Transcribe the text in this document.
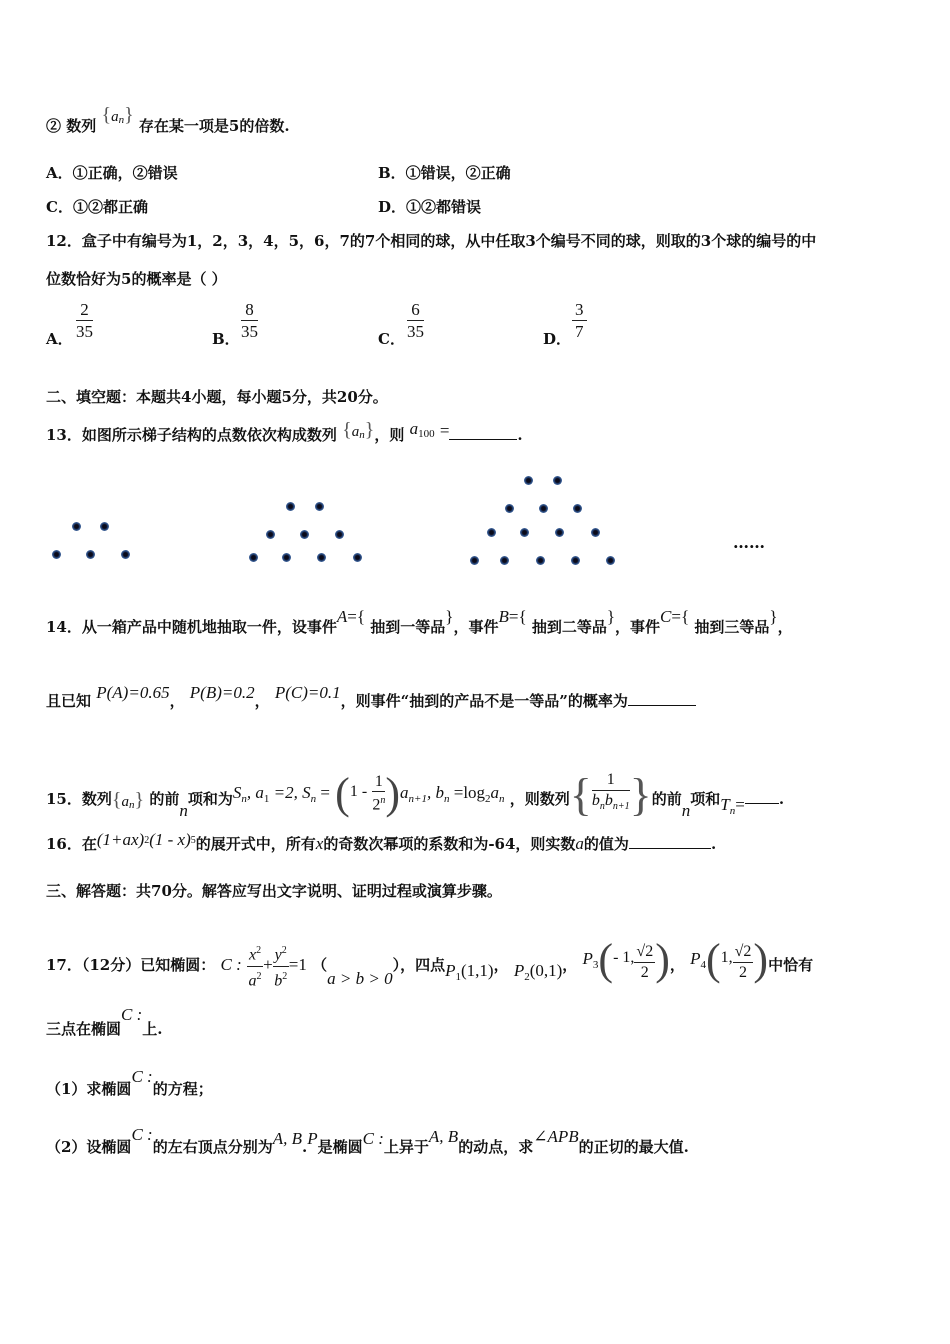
② 数列 $\{a^n\}$ 存在某一项是5的倍数.
A．①正确，②错误	B．①错误，②正确
C．①②都正确	D．①②都错误
12．盒子中有编号为1，2，3，4，5，6，7的7个相同的球，从中任取3个编号不同的球，则取的3个球的编号的中
位数恰好为5的概率是（ ）
A． $\frac{2}{35}$	B． $\frac{8}{35}$	C． $\frac{6}{35}$	D． $\frac{3}{7}$
二、填空题：本题共4小题，每小题5分，共20分。
13．如图所示梯子结构的点数依次构成数列 {an}，则 $a^{100}$ =	.
……
14．从一箱产品中随机地抽取一件，设事件A={ 抽到一等品}，事件B={ 抽到二等品}，事件C={ 抽到三等品}，
且已知 P(A)=0.65， P(B)=0.2， P(C)=0.1，则事件“抽到的产品不是一等品”的概率为
15．数列$\{a_n\}$ 的前n项和为Sn, a1 =2, $Sn = (1 - \frac{1}{2^n} )an+1$, bn =log2an ，则数列{ 1
$b_nb_{n+1}$ }的前n项和$T_n=$ .
16．在$(1+ax)^2(1 - x)^5$的展开式中，所有x的奇数次幂项的系数和为-64，则实数a的值为	.
三、解答题：共70分。解答应写出文字说明、证明过程或演算步骤。
17．（12分）已知椭圆： C : $\frac{x^2}{a^2} + \frac{y^2}{b^2} =1$ （a > b > 0），四点$P_1(1,1)$， $P_2(0,1)$， P3(- 1, $\frac{√2}{2}$ )， P4(1, $\frac{√2}{2}$ )中恰有
三点在椭圆C :上.
（1）求椭圆C :的方程；
（2）设椭圆C :的左右顶点分别为A, B.P是椭圆C :上异于A, B的动点，求∠APB的正切的最大值.
